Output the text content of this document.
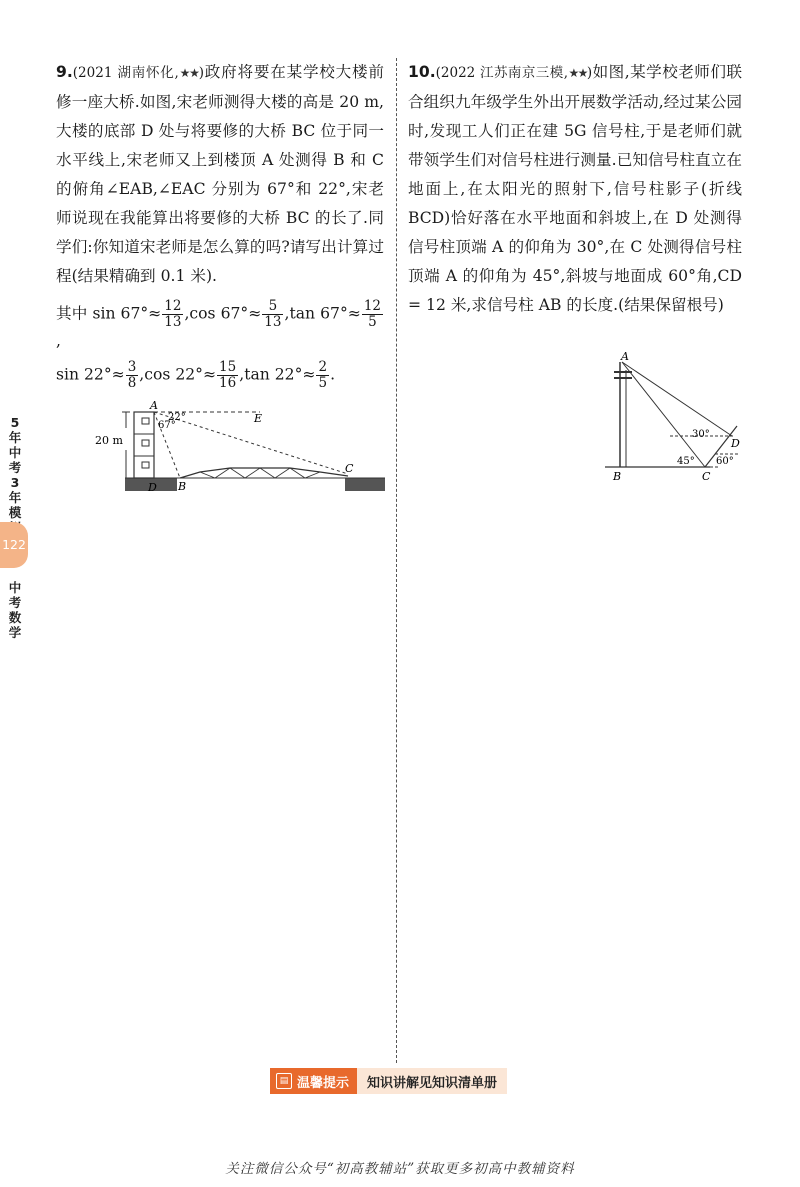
9.(2021 湖南怀化,★★)政府将要在某学校大楼前修一座大桥.如图,宋老师测得大楼的高是 20 m,大楼的底部 D 处与将要修的大桥 BC 位于同一水平线上,宋老师又上到楼顶 A 处测得 B 和 C 的俯角∠EAB,∠EAC 分别为 67°和 22°,宋老师说现在我能算出将要修的大桥 BC 的长了.同学们:你知道宋老师是怎么算的吗?请写出计算过程(结果精确到 0.1 米).

其中 $\sin 67^\circ\approx \frac{12}{13} ,\cos$ $67^\circ\approx \frac{5}{13} ,\tan$ $67^\circ\approx \frac{12}{5}$
,
$\sin 22^\circ\approx \frac{3}{8} ,\cos$ $22^\circ\approx \frac{15}{16} ,\tan$ $22^\circ\approx \frac{2}{5}$ .

20 m
A
22°
67°
E
D B
C

10.(2022 江苏南京三模,★★)如图,某学校老师们联合组织九年级学生外出开展数学活动,经过某公园时,发现工人们正在建 5G 信号柱,于是老师们就带领学生们对信号柱进行测量.已知信号柱直立在地面上,在太阳光的照射下,信号柱影子(折线 BCD)恰好落在水平地面和斜坡上,在 D 处测得信号柱顶端 A 的仰角为 30°,在 C 处测得信号柱顶端 A 的仰角为 45°,斜坡与地面成 60°角,CD = 12 米,求信号柱 AB 的长度.(结果保留根号)

A
B	C
D
30°
45° 60°
5
年
中
考
3
年
模
122
中
考
数
学
▤ 温馨提示	知识讲解见知识清单册
关注微信公众号“初高教辅站”获取更多初高中教辅资料
